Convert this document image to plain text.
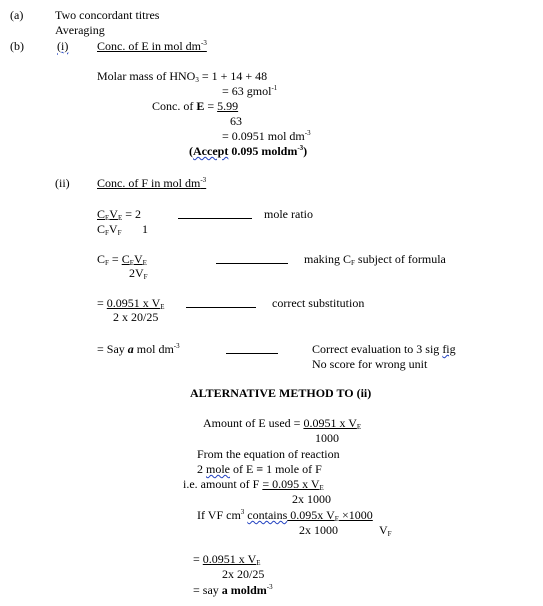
(a)	Two concordant titres
Averaging
(b)	(i) Conc. of E in mol $dm^{-3}$
Molar mass of HNO3 = 1 + 14 + 48
= 63 gmol$^{-1}$
Conc. of E = 5.99
63
= 0.0951 mol $dm^{-3}$
(Accept 0.095 moldm$^{-3}$)
(ii) Conc. of F in mol $dm^{-3}$
CEVE = 2
CFVF 1
mole ratio
CF = CEVE
2VF
making CF subject of formula
= 0.0951 x VE
2 x 20/25
correct substitution
= Say a mol $dm^{-3}$	Correct evaluation to 3 sig fig
No score for wrong unit
ALTERNATIVE METHOD TO (ii)
Amount of E used = 0.0951 x VE
1000
From the equation of reaction
2 mole of E ≡ 1 mole of F
i.e. amount of F = 0.095 x VE
2x 1000
If VF $cm^3$ contains 0.095x VE ×1000
2x 1000	VF
= 0.0951 x VE
2x 20/25
= say a moldm$^{-3}$
